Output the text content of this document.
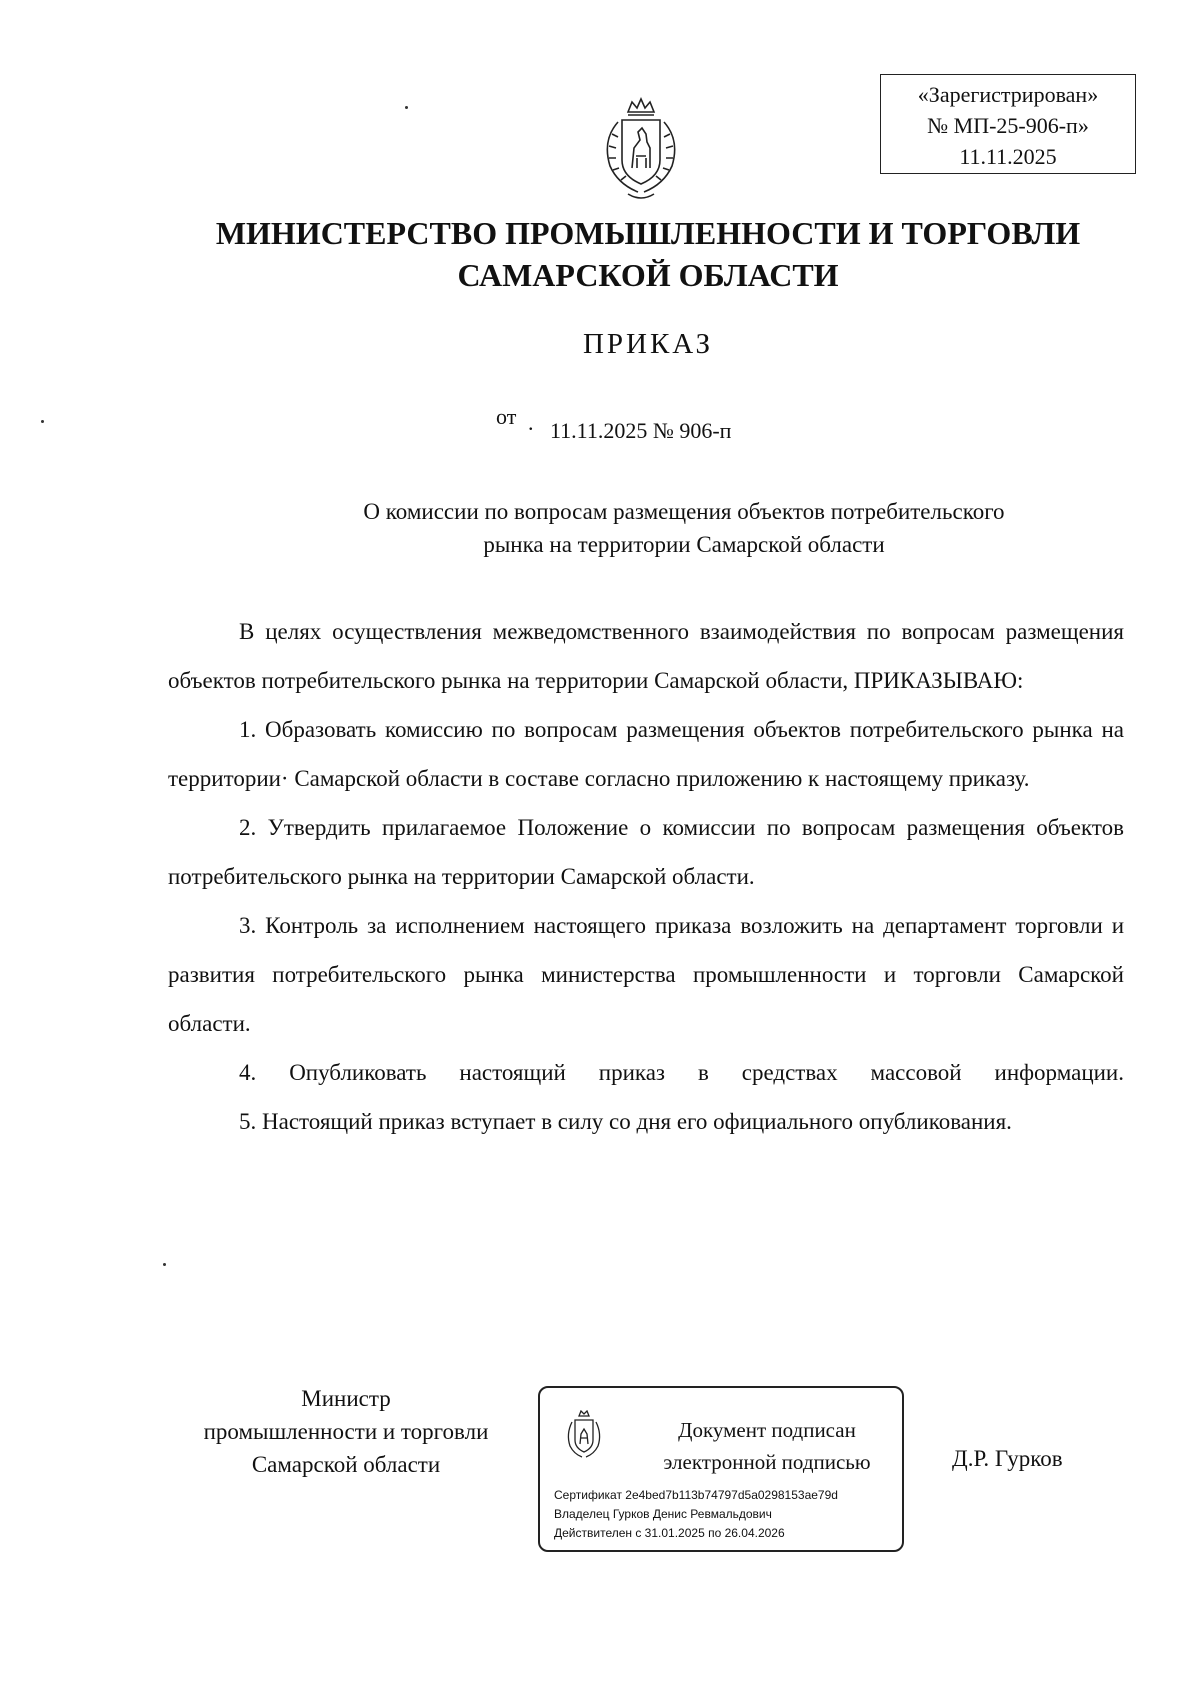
«Зарегистрирован»
№ МП-25-906-п»
11.11.2025
МИНИСТЕРСТВО ПРОМЫШЛЕННОСТИ И ТОРГОВЛИ
САМАРСКОЙ ОБЛАСТИ
ПРИКАЗ
от . 11.11.2025 № 906-п
О комиссии по вопросам размещения объектов потребительского
рынка на территории Самарской области

В целях осуществления межведомственного взаимодействия по вопросам размещения объектов потребительского рынка на территории Самарской области, ПРИКАЗЫВАЮ:

1. Образовать комиссию по вопросам размещения объектов потребительского рынка на территории· Самарской области в составе согласно приложению к настоящему приказу.

2. Утвердить прилагаемое Положение о комиссии по вопросам размещения объектов потребительского рынка на территории Самарской области.

3. Контроль за исполнением настоящего приказа возложить на департамент торговли и развития потребительского рынка министерства промышленности и торговли Самарской области.

4. Опубликовать настоящий приказ в средствах массовой информации.

5. Настоящий приказ вступает в силу со дня его официального опубликования.

Министр
промышленности и торговли
Самарской области
Документ подписан
электронной подписью
Сертификат 2e4bed7b113b74797d5a0298153ae79d
Владелец Гурков Денис Ревмальдович
Действителен с 31.01.2025 по 26.04.2026
Д.Р. Гурков
